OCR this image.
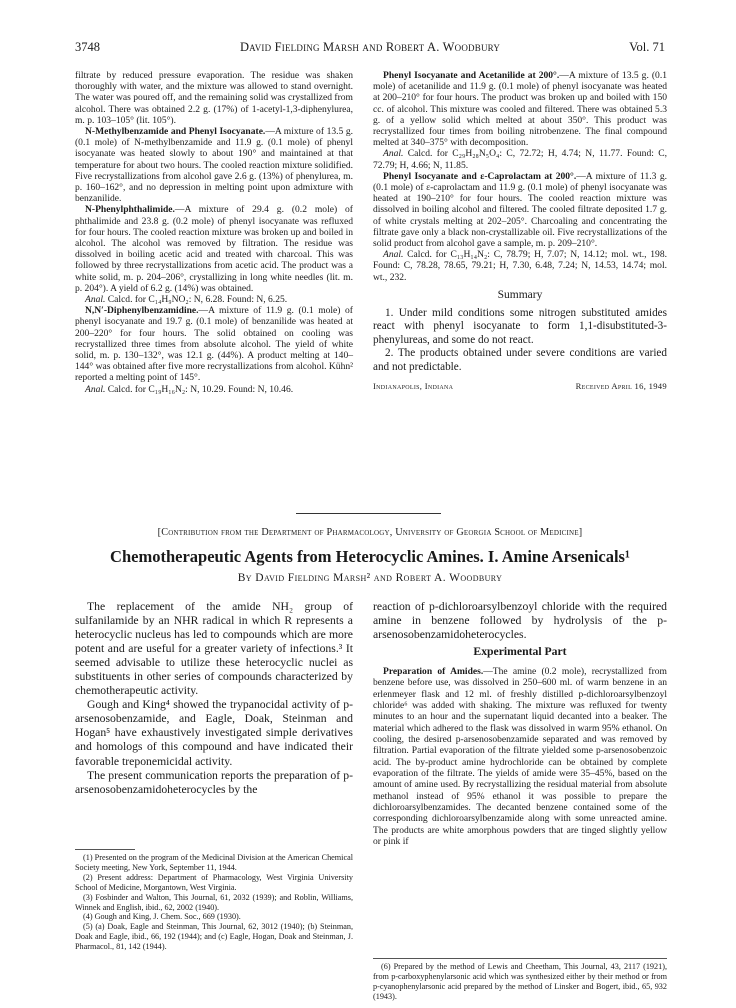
3748	David Fielding Marsh and Robert A. Woodbury	Vol. 71

filtrate by reduced pressure evaporation. The residue was shaken thoroughly with water, and the mixture was allowed to stand overnight. The water was poured off, and the remaining solid was crystallized from alcohol. There was obtained 2.2 g. (17%) of 1-acetyl-1,3-diphenylurea, m. p. 103–105° (lit. 105°).

N-Methylbenzamide and Phenyl Isocyanate.—A mixture of 13.5 g. (0.1 mole) of N-methylbenzamide and 11.9 g. (0.1 mole) of phenyl isocyanate was heated slowly to about 190° and maintained at that temperature for about two hours. The cooled reaction mixture solidified. Five recrystallizations from alcohol gave 2.6 g. (13%) of phenylurea, m. p. 160–162°, and no depression in melting point upon admixture with benzanilide.

N-Phenylphthalimide.—A mixture of 29.4 g. (0.2 mole) of phthalimide and 23.8 g. (0.2 mole) of phenyl isocyanate was refluxed for four hours. The cooled reaction mixture was broken up and boiled in alcohol. The alcohol was removed by filtration. The residue was dissolved in boiling acetic acid and treated with charcoal. This was followed by three recrystallizations from acetic acid. The product was a white solid, m. p. 204–206°, crystallizing in long white needles (lit. m. p. 204°). A yield of 6.2 g. (14%) was obtained.

Anal. Calcd. for C₁₄H₉NO₂: N, 6.28. Found: N, 6.25.

N,N′-Diphenylbenzamidine.—A mixture of 11.9 g. (0.1 mole) of phenyl isocyanate and 19.7 g. (0.1 mole) of benzanilide was heated at 200–220° for four hours. The solid obtained on cooling was recrystallized three times from absolute alcohol. The yield of white solid, m. p. 130–132°, was 12.1 g. (44%). A product melting at 140–144° was obtained after five more recrystallizations from alcohol. Kühn² reported a melting point of 145°.

Anal. Calcd. for C₁₉H₁₆N₂: N, 10.29. Found: N, 10.46.

Phenyl Isocyanate and Acetanilide at 200°.—A mixture of 13.5 g. (0.1 mole) of acetanilide and 11.9 g. (0.1 mole) of phenyl isocyanate was heated at 200–210° for four hours. The product was broken up and boiled with 150 cc. of alcohol. This mixture was cooled and filtered. There was obtained 5.3 g. of a yellow solid which melted at about 350°. This product was recrystallized four times from boiling nitrobenzene. The final compound melted at 340–375° with decomposition.

Anal. Calcd. for C₂₉H₂₈N₅O₄: C, 72.72; H, 4.74; N, 11.77. Found: C, 72.79; H, 4.66; N, 11.85.

Phenyl Isocyanate and ε-Caprolactam at 200°.—A mixture of 11.3 g. (0.1 mole) of ε-caprolactam and 11.9 g. (0.1 mole) of phenyl isocyanate was heated at 190–210° for four hours. The cooled reaction mixture was dissolved in boiling alcohol and filtered. The cooled filtrate deposited 1.7 g. of white crystals melting at 202–205°. Charcoaling and concentrating the filtrate gave only a black non-crystallizable oil. Five recrystallizations of the solid product from alcohol gave a sample, m. p. 209–210°.

Anal. Calcd. for C₁₃H₁₄N₂: C, 78.79; H, 7.07; N, 14.12; mol. wt., 198. Found: C, 78.28, 78.65, 79.21; H, 7.30, 6.48, 7.24; N, 14.53, 14.74; mol. wt., 232.

Summary

1. Under mild conditions some nitrogen substituted amides react with phenyl isocyanate to form 1,1-disubstituted-3-phenylureas, and some do not react.

2. The products obtained under severe conditions are varied and not predictable.

Indianapolis, Indiana	Received April 16, 1949
[Contribution from the Department of Pharmacology, University of Georgia School of Medicine]
Chemotherapeutic Agents from Heterocyclic Amines. I. Amine Arsenicals¹
By David Fielding Marsh² and Robert A. Woodbury

The replacement of the amide NH₂ group of sulfanilamide by an NHR radical in which R represents a heterocyclic nucleus has led to compounds which are more potent and are useful for a greater variety of infections.³ It seemed advisable to utilize these heterocyclic nuclei as substituents in other series of compounds characterized by chemotherapeutic activity.

Gough and King⁴ showed the trypanocidal activity of p-arsenosobenzamide, and Eagle, Doak, Steinman and Hogan⁵ have exhaustively investigated simple derivatives and homologs of this compound and have indicated their favorable treponemicidal activity.

The present communication reports the preparation of p-arsenosobenzamidoheterocycles by the

(1) Presented on the program of the Medicinal Division at the American Chemical Society meeting, New York, September 11, 1944.

(2) Present address: Department of Pharmacology, West Virginia University School of Medicine, Morgantown, West Virginia.

(3) Fosbinder and Walton, This Journal, 61, 2032 (1939); and Roblin, Williams, Winnek and English, ibid., 62, 2002 (1940).

(4) Gough and King, J. Chem. Soc., 669 (1930).

(5) (a) Doak, Eagle and Steinman, This Journal, 62, 3012 (1940); (b) Steinman, Doak and Eagle, ibid., 66, 192 (1944); and (c) Eagle, Hogan, Doak and Steinman, J. Pharmacol., 81, 142 (1944).

reaction of p-dichloroarsylbenzoyl chloride with the required amine in benzene followed by hydrolysis of the p-arsenosobenzamidoheterocycles.

Experimental Part

Preparation of Amides.—The amine (0.2 mole), recrystallized from benzene before use, was dissolved in 250–600 ml. of warm benzene in an erlenmeyer flask and 12 ml. of freshly distilled p-dichloroarsylbenzoyl chloride⁶ was added with shaking. The mixture was refluxed for twenty minutes to an hour and the supernatant liquid decanted into a beaker. The material which adhered to the flask was dissolved in warm 95% ethanol. On cooling, the desired p-arsenosobenzamide separated and was removed by filtration. Partial evaporation of the filtrate yielded some p-arsenosobenzoic acid. The by-product amine hydrochloride can be obtained by complete evaporation of the filtrate. The yields of amide were 35–45%, based on the amount of amine used. By recrystallizing the residual material from absolute methanol instead of 95% ethanol it was possible to prepare the dichloroarsylbenzamides. The decanted benzene contained some of the corresponding dichloroarsylbenzamide along with some unreacted amine. The products are white amorphous powders that are tinged slightly yellow or pink if

(6) Prepared by the method of Lewis and Cheetham, This Journal, 43, 2117 (1921), from p-carboxyphenylarsonic acid which was synthesized either by their method or from p-cyanophenylarsonic acid prepared by the method of Linsker and Bogert, ibid., 65, 932 (1943).
